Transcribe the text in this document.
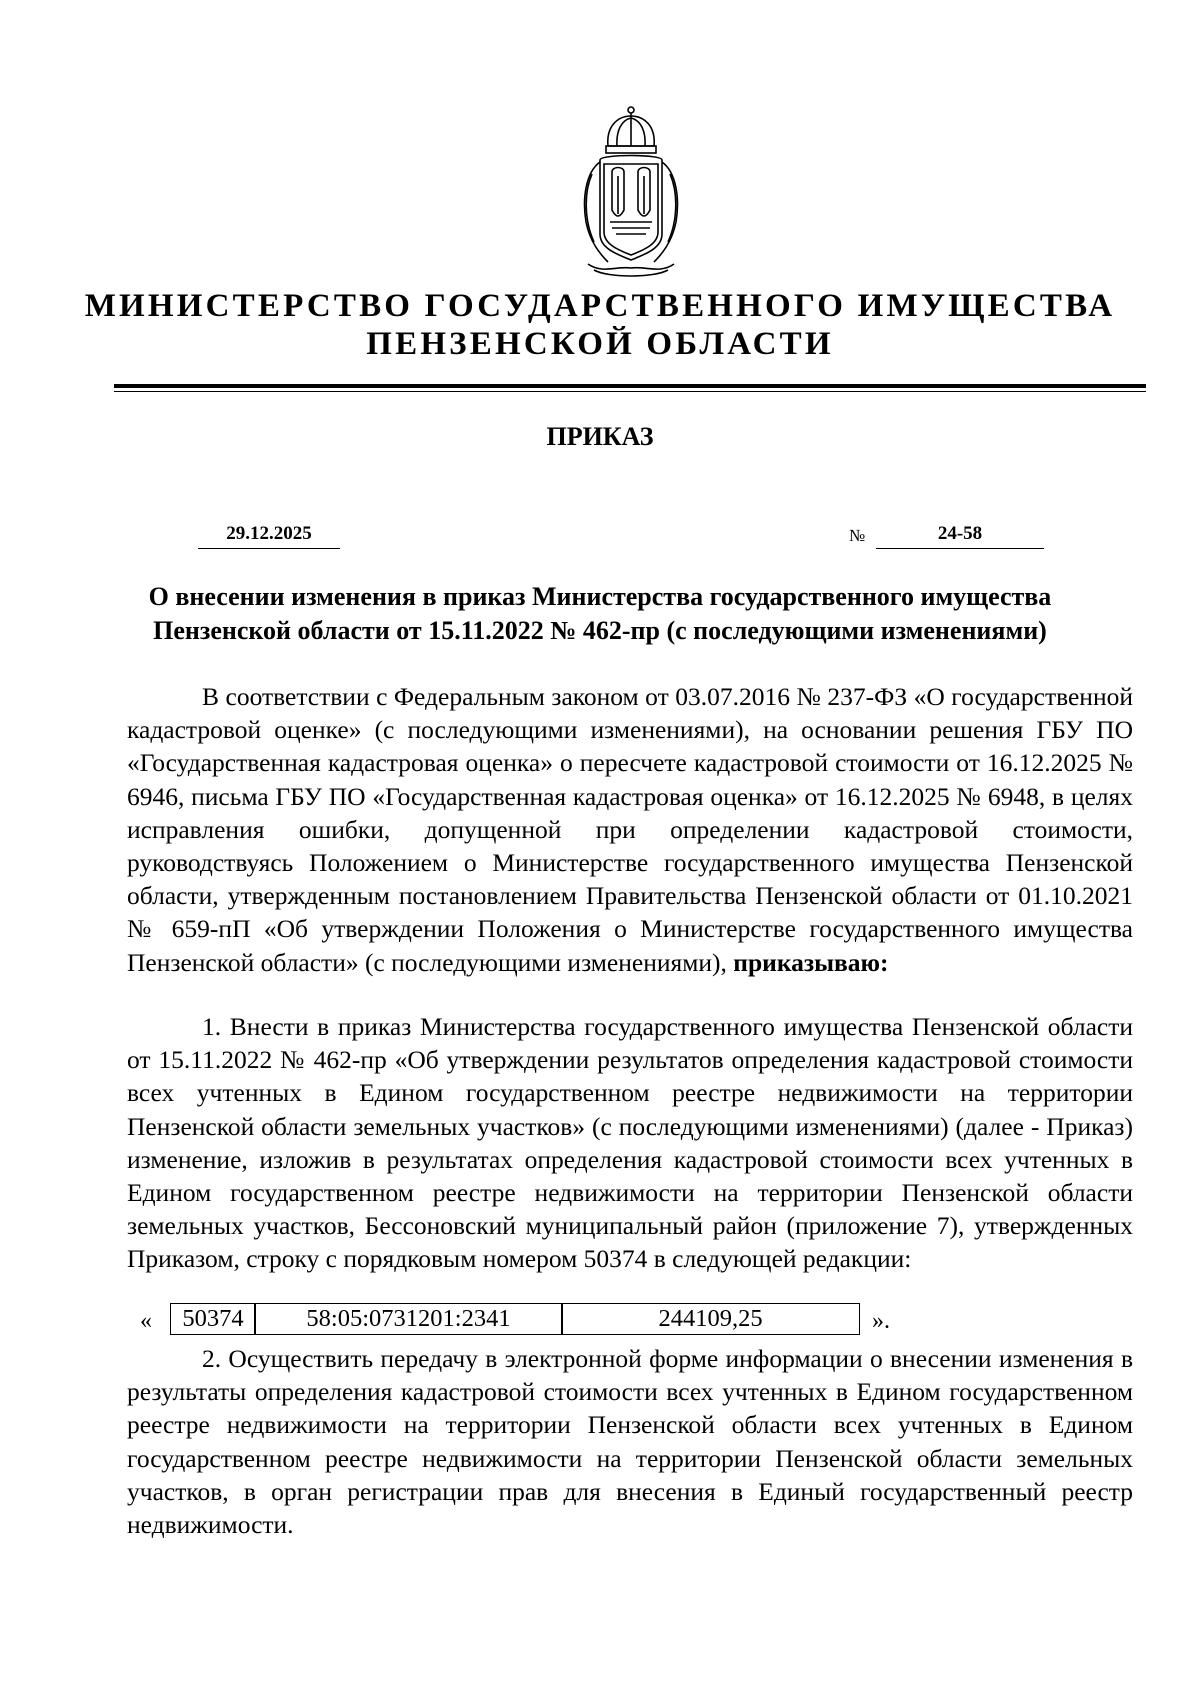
МИНИСТЕРСТВО ГОСУДАРСТВЕННОГО ИМУЩЕСТВА
ПЕНЗЕНСКОЙ ОБЛАСТИ
ПРИКАЗ
29.12.2025	№	24-58
О внесении изменения в приказ Министерства государственного имущества
Пензенской области от 15.11.2022 № 462-пр (с последующими изменениями)
В соответствии с Федеральным законом от 03.07.2016 № 237-ФЗ «О государственной кадастровой оценке» (с последующими изменениями), на основании решения ГБУ ПО «Государственная кадастровая оценка» о пересчете кадастровой стоимости от 16.12.2025 № 6946, письма ГБУ ПО «Государственная кадастровая оценка» от 16.12.2025 № 6948, в целях исправления ошибки, допущенной при определении кадастровой стоимости, руководствуясь Положением о Министерстве государственного имущества Пензенской области, утвержденным постановлением Правительства Пензенской области от 01.10.2021 № 659-пП «Об утверждении Положения о Министерстве государственного имущества Пензенской области» (с последующими изменениями), приказываю:
1. Внести в приказ Министерства государственного имущества Пензенской области от 15.11.2022 № 462-пр «Об утверждении результатов определения кадастровой стоимости всех учтенных в Едином государственном реестре недвижимости на территории Пензенской области земельных участков» (с последующими изменениями) (далее - Приказ) изменение, изложив в результатах определения кадастровой стоимости всех учтенных в Едином государственном реестре недвижимости на территории Пензенской области земельных участков, Бессоновский муниципальный район (приложение 7), утвержденных Приказом, строку с порядковым номером 50374 в следующей редакции:
«	50374	58:05:0731201:2341	244109,25	».
2. Осуществить передачу в электронной форме информации о внесении изменения в результаты определения кадастровой стоимости всех учтенных в Едином государственном реестре недвижимости на территории Пензенской области всех учтенных в Едином государственном реестре недвижимости на территории Пензенской области земельных участков, в орган регистрации прав для внесения в Единый государственный реестр недвижимости.
